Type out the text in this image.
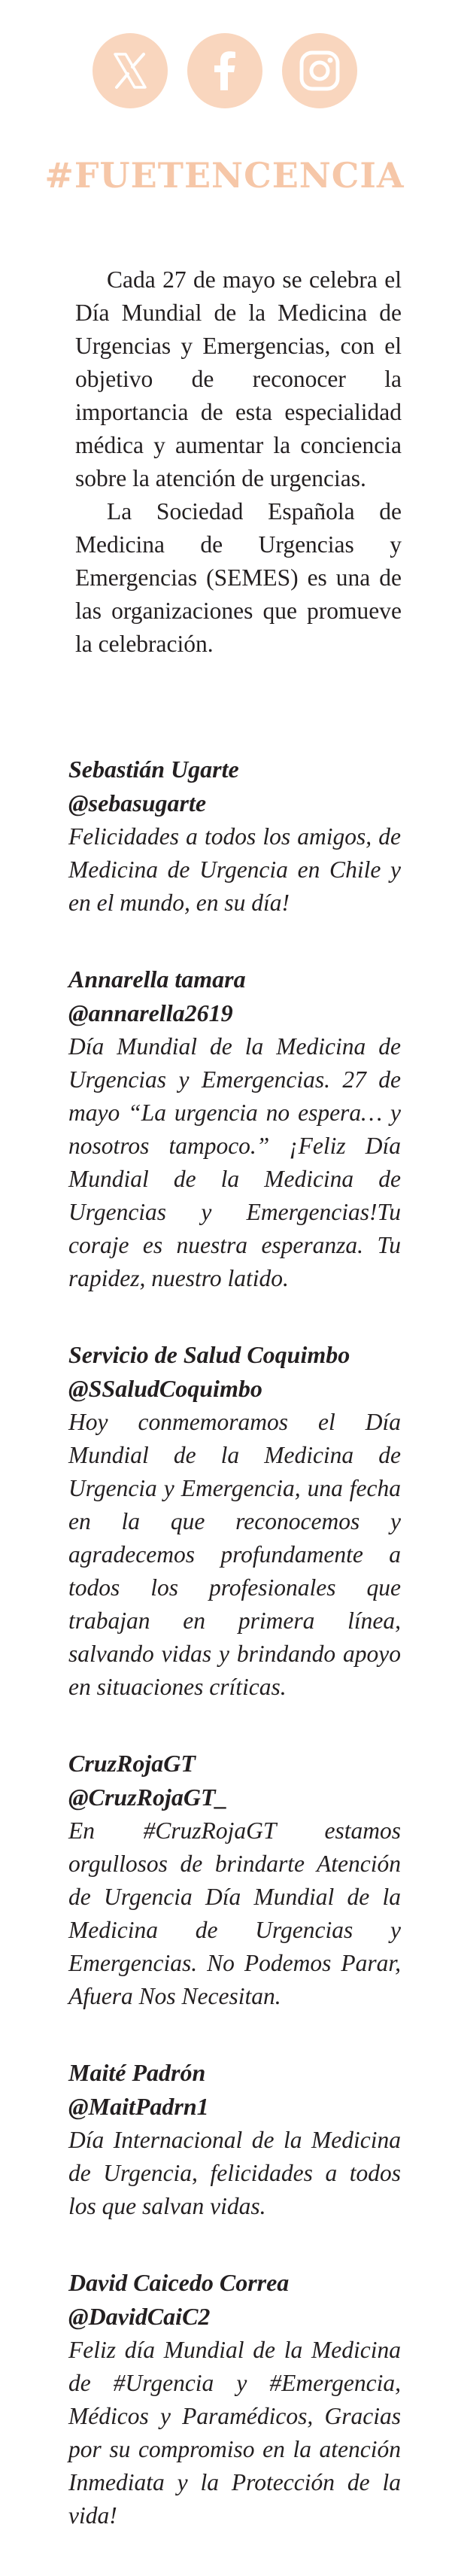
#FUETENCENCIA

Cada 27 de mayo se celebra el Día Mundial de la Medicina de Urgencias y Emergencias, con el objetivo de reconocer la importancia de esta especialidad médica y aumentar la conciencia sobre la atención de urgencias.

La Sociedad Española de Medicina de Urgencias y Emergencias (SEMES) es una de las organizaciones que promueve la celebración.

Sebastián Ugarte
@sebasugarte

Felicidades a todos los amigos, de Medicina de Urgencia en Chile y en el mundo, en su día!

Annarella tamara
@annarella2619

Día Mundial de la Medicina de Urgencias y Emergencias. 27 de mayo “La urgencia no espera… y nosotros tampoco.” ¡Feliz Día Mundial de la Medicina de Urgencias y Emergencias!Tu coraje es nuestra esperanza. Tu rapidez, nuestro latido.

Servicio de Salud Coquimbo
@SSaludCoquimbo

Hoy conmemoramos el Día Mundial de la Medicina de Urgencia y Emergencia, una fecha en la que reconocemos y agradecemos profundamente a todos los profesionales que trabajan en primera línea, salvando vidas y brindando apoyo en situaciones críticas.

CruzRojaGT
@CruzRojaGT_

En #CruzRojaGT estamos orgullosos de brindarte Atención de Urgencia Día Mundial de la Medicina de Urgencias y Emergencias. No Podemos Parar, Afuera Nos Necesitan.

Maité Padrón
@MaitPadrn1

Día Internacional de la Medicina de Urgencia, felicidades a todos los que salvan vidas.

David Caicedo Correa
@DavidCaiC2

Feliz día Mundial de la Medicina de #Urgencia y #Emergencia, Médicos y Paramédicos, Gracias por su compromiso en la atención Inmediata y la Protección de la vida!
